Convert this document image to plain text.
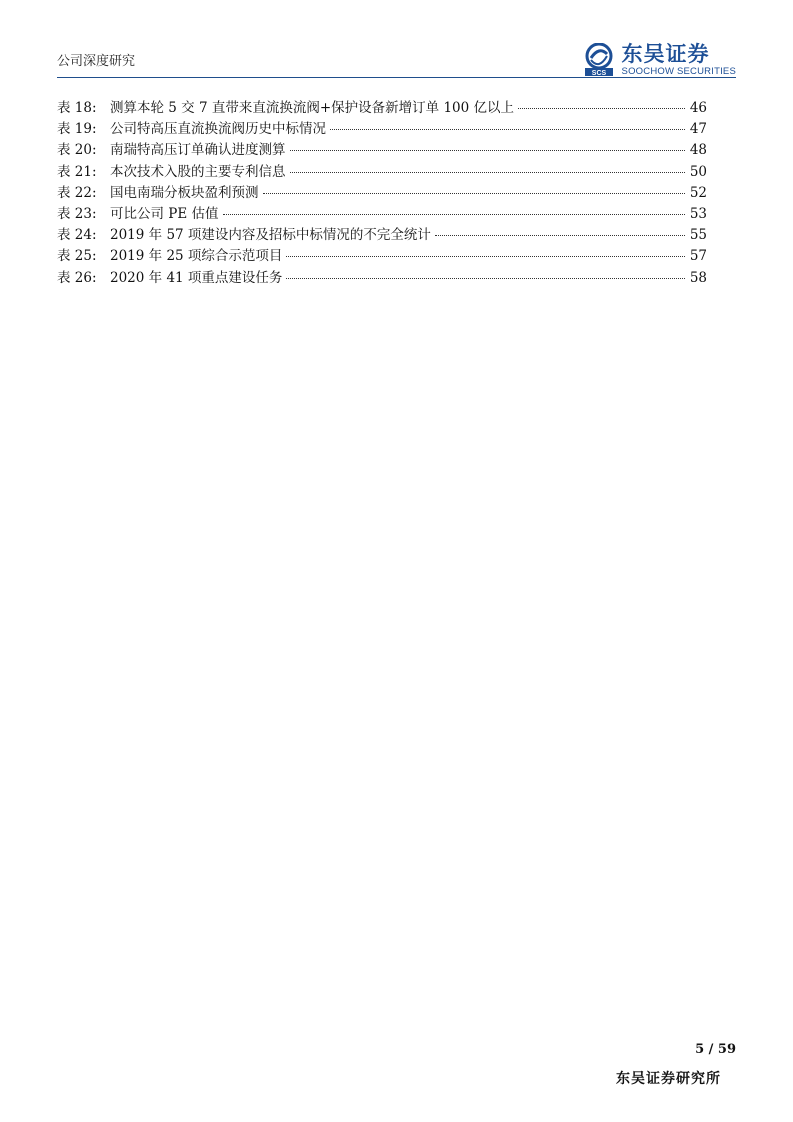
公司深度研究
SCS
东吴证券
SOOCHOW SECURITIES
表 18: 测算本轮 5 交 7 直带来直流换流阀+保护设备新增订单 100 亿以上	46
表 19: 公司特高压直流换流阀历史中标情况	47
表 20: 南瑞特高压订单确认进度测算	48
表 21: 本次技术入股的主要专利信息	50
表 22: 国电南瑞分板块盈利预测	52
表 23: 可比公司 PE 估值	53
表 24: 2019 年 57 项建设内容及招标中标情况的不完全统计	55
表 25: 2019 年 25 项综合示范项目	57
表 26: 2020 年 41 项重点建设任务	58
5 / 59
东吴证券研究所
